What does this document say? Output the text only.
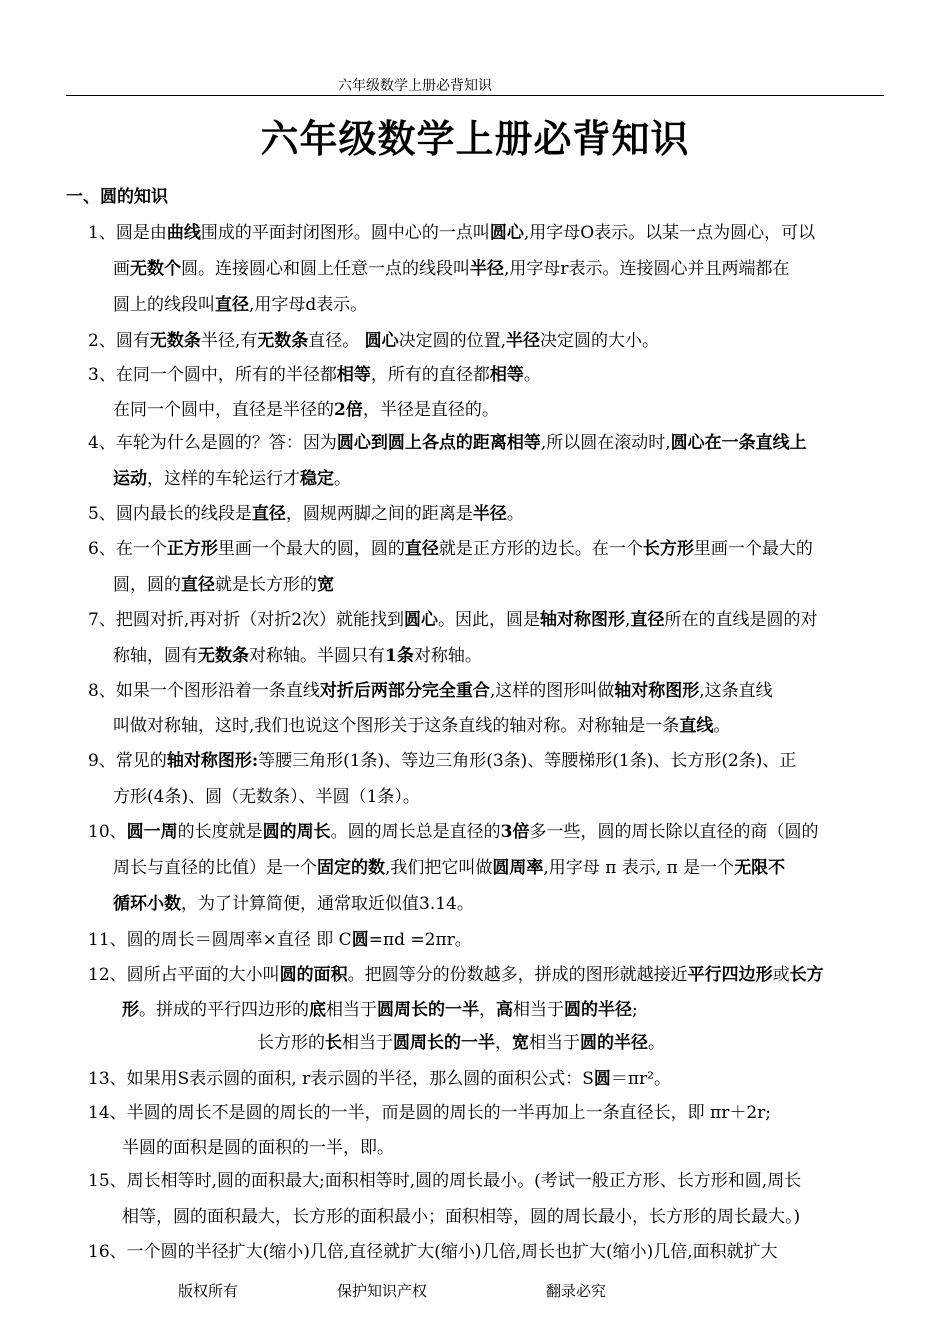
六年级数学上册必背知识
六年级数学上册必背知识
一、圆的知识
1、圆是由曲线围成的平面封闭图形。圆中心的一点叫圆心,用字母O表示。以某一点为圆心，可以
画无数个圆。连接圆心和圆上任意一点的线段叫半径,用字母r表示。连接圆心并且两端都在
圆上的线段叫直径,用字母d表示。
2、圆有无数条半径,有无数条直径。 圆心决定圆的位置,半径决定圆的大小。
3、在同一个圆中，所有的半径都相等，所有的直径都相等。
在同一个圆中，直径是半径的2倍，半径是直径的。
4、车轮为什么是圆的？答：因为圆心到圆上各点的距离相等,所以圆在滚动时,圆心在一条直线上
运动，这样的车轮运行才稳定。
5、圆内最长的线段是直径，圆规两脚之间的距离是半径。
6、在一个正方形里画一个最大的圆，圆的直径就是正方形的边长。在一个长方形里画一个最大的
圆，圆的直径就是长方形的宽
7、把圆对折,再对折（对折2次）就能找到圆心。因此，圆是轴对称图形,直径所在的直线是圆的对
称轴，圆有无数条对称轴。半圆只有1条对称轴。
8、如果一个图形沿着一条直线对折后两部分完全重合,这样的图形叫做轴对称图形,这条直线
叫做对称轴，这时,我们也说这个图形关于这条直线的轴对称。对称轴是一条直线。
9、常见的轴对称图形:等腰三角形(1条)、等边三角形(3条)、等腰梯形(1条)、长方形(2条)、正
方形(4条)、圆（无数条）、半圆（1条）。
10、圆一周的长度就是圆的周长。圆的周长总是直径的3倍多一些，圆的周长除以直径的商（圆的
周长与直径的比值）是一个固定的数,我们把它叫做圆周率,用字母 π 表示, π 是一个无限不
循环小数，为了计算简便，通常取近似值3.14。
11、圆的周长＝圆周率×直径 即 C圆=πd =2πr。
12、圆所占平面的大小叫圆的面积。把圆等分的份数越多，拼成的图形就越接近平行四边形或长方
形。拼成的平行四边形的底相当于圆周长的一半，高相当于圆的半径;
长方形的长相当于圆周长的一半，宽相当于圆的半径。
13、如果用S表示圆的面积, r表示圆的半径，那么圆的面积公式：S圆＝πr²。
14、半圆的周长不是圆的周长的一半，而是圆的周长的一半再加上一条直径长，即 πr＋2r;
半圆的面积是圆的面积的一半，即。
15、周长相等时,圆的面积最大;面积相等时,圆的周长最小。(考试一般正方形、长方形和圆,周长
相等，圆的面积最大，长方形的面积最小；面积相等，圆的周长最小，长方形的周长最大。)
16、一个圆的半径扩大(缩小)几倍,直径就扩大(缩小)几倍,周长也扩大(缩小)几倍,面积就扩大
版权所有	保护知识产权	翻录必究
